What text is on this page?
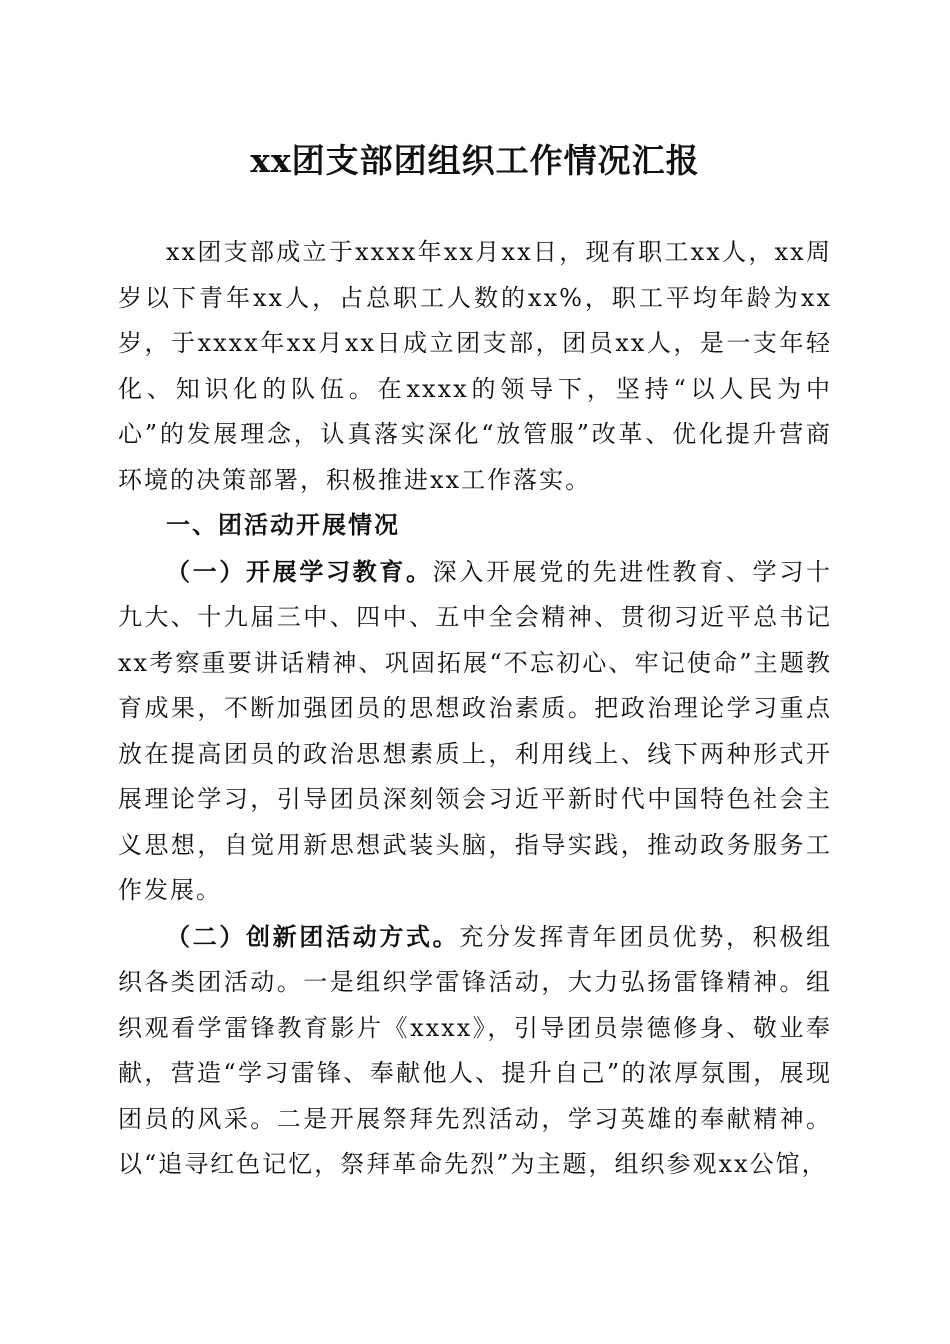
xx团支部团组织工作情况汇报

xx团支部成立于xxxx年xx月xx日，现有职工xx人，xx周岁以下青年xx人，占总职工人数的xx%，职工平均年龄为xx岁，于xxxx年xx月xx日成立团支部，团员xx人，是一支年轻化、知识化的队伍。在xxxx的领导下，坚持“以人民为中心”的发展理念，认真落实深化“放管服”改革、优化提升营商环境的决策部署，积极推进xx工作落实。

一、团活动开展情况

（一）开展学习教育。深入开展党的先进性教育、学习十九大、十九届三中、四中、五中全会精神、贯彻习近平总书记xx考察重要讲话精神、巩固拓展“不忘初心、牢记使命”主题教育成果，不断加强团员的思想政治素质。把政治理论学习重点放在提高团员的政治思想素质上，利用线上、线下两种形式开展理论学习，引导团员深刻领会习近平新时代中国特色社会主义思想，自觉用新思想武装头脑，指导实践，推动政务服务工作发展。

（二）创新团活动方式。充分发挥青年团员优势，积极组织各类团活动。一是组织学雷锋活动，大力弘扬雷锋精神。组织观看学雷锋教育影片《xxxx》，引导团员崇德修身、敬业奉献，营造“学习雷锋、奉献他人、提升自己”的浓厚氛围，展现团员的风采。二是开展祭拜先烈活动，学习英雄的奉献精神。以“追寻红色记忆，祭拜革命先烈”为主题，组织参观xx公馆，
